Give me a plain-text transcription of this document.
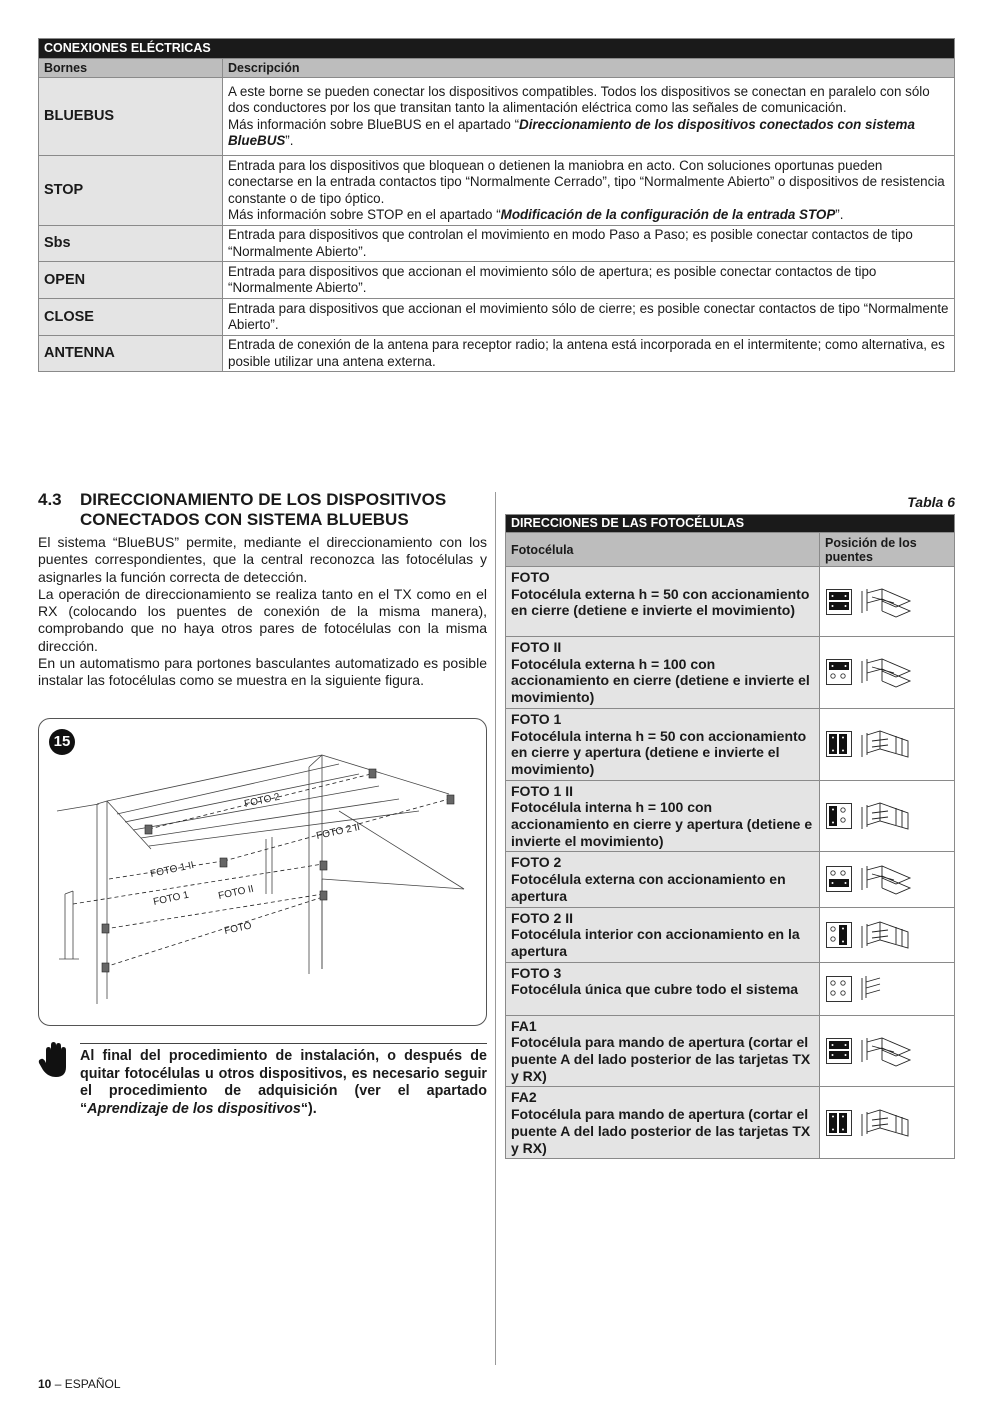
CONEXIONES ELÉCTRICAS	
Bornes	Descripción
BLUEBUS	A este borne se pueden conectar los dispositivos compatibles. Todos los dispositivos se conectan en paralelo con sólo dos conductores por los que transitan tanto la alimentación eléctrica como las señales de comunicación.
Más información sobre BlueBUS en el apartado “Direccionamiento de los dispositivos conectados con sistema BlueBUS”.
STOP	Entrada para los dispositivos que bloquean o detienen la maniobra en acto. Con soluciones oportunas pueden conectarse en la entrada contactos tipo “Normalmente Cerrado”, tipo “Normalmente Abierto” o dispositivos de resistencia constante o de tipo óptico.
Más información sobre STOP en el apartado “Modificación de la configuración de la entrada STOP”.
Sbs	Entrada para dispositivos que controlan el movimiento en modo Paso a Paso; es posible conectar contactos de tipo “Normalmente Abierto”.
OPEN	Entrada para dispositivos que accionan el movimiento sólo de apertura; es posible conectar contactos de tipo “Normalmente Abierto”.
CLOSE	Entrada para dispositivos que accionan el movimiento sólo de cierre; es posible conectar contactos de tipo “Normalmente Abierto”.
ANTENNA	Entrada de conexión de la antena para receptor radio; la antena está incorporada en el intermitente; como alternativa, es posible utilizar una antena externa.
4.3 DIRECCIONAMIENTO DE LOS DISPOSITIVOS CONECTADOS CON SISTEMA BLUEBUS
El sistema “BlueBUS” permite, mediante el direccionamiento con los puentes correspondientes, que la central reconozca las fotocélulas y asignarles la función correcta de detección.
La operación de direccionamiento se realiza tanto en el TX como en el RX (colocando los puentes de conexión de la misma manera), comprobando que no haya otros pares de fotocélulas con la misma dirección.
En un automatismo para portones basculantes automatizado es posible instalar las fotocélulas como se muestra en la siguiente figura.
FOTO 2
FOTO 2 II
FOTO 1 II
FOTO 1	FOTO II
FOTO
15
Al final del procedimiento de instalación, o después de quitar fotocélulas u otros dispositivos, es necesario seguir el procedimiento de adquisición (ver el apartado “Aprendizaje de los dispositivos“).
Tabla 6
DIRECCIONES DE LAS FOTOCÉLULAS	
Fotocélula	Posición de los puentes

FOTO
Fotocélula externa h = 50 con accionamiento en cierre (detiene e invierte el movimiento)

FOTO II
Fotocélula externa h = 100 con accionamiento en cierre (detiene e invierte el movimiento)

FOTO 1
Fotocélula interna h = 50 con accionamiento en cierre y apertura (detiene e invierte el movimiento)

FOTO 1 II
Fotocélula interna h = 100 con accionamiento en cierre y apertura (detiene e invierte el movimiento)

FOTO 2
Fotocélula externa con accionamiento en apertura

FOTO 2 II
Fotocélula interior con accionamiento en la apertura

FOTO 3
Fotocélula única que cubre todo el sistema

FA1
Fotocélula para mando de apertura (cortar el puente A del lado posterior de las tarjetas TX y RX)

FA2
Fotocélula para mando de apertura (cortar el puente A del lado posterior de las tarjetas TX y RX)

10 – ESPAÑOL
